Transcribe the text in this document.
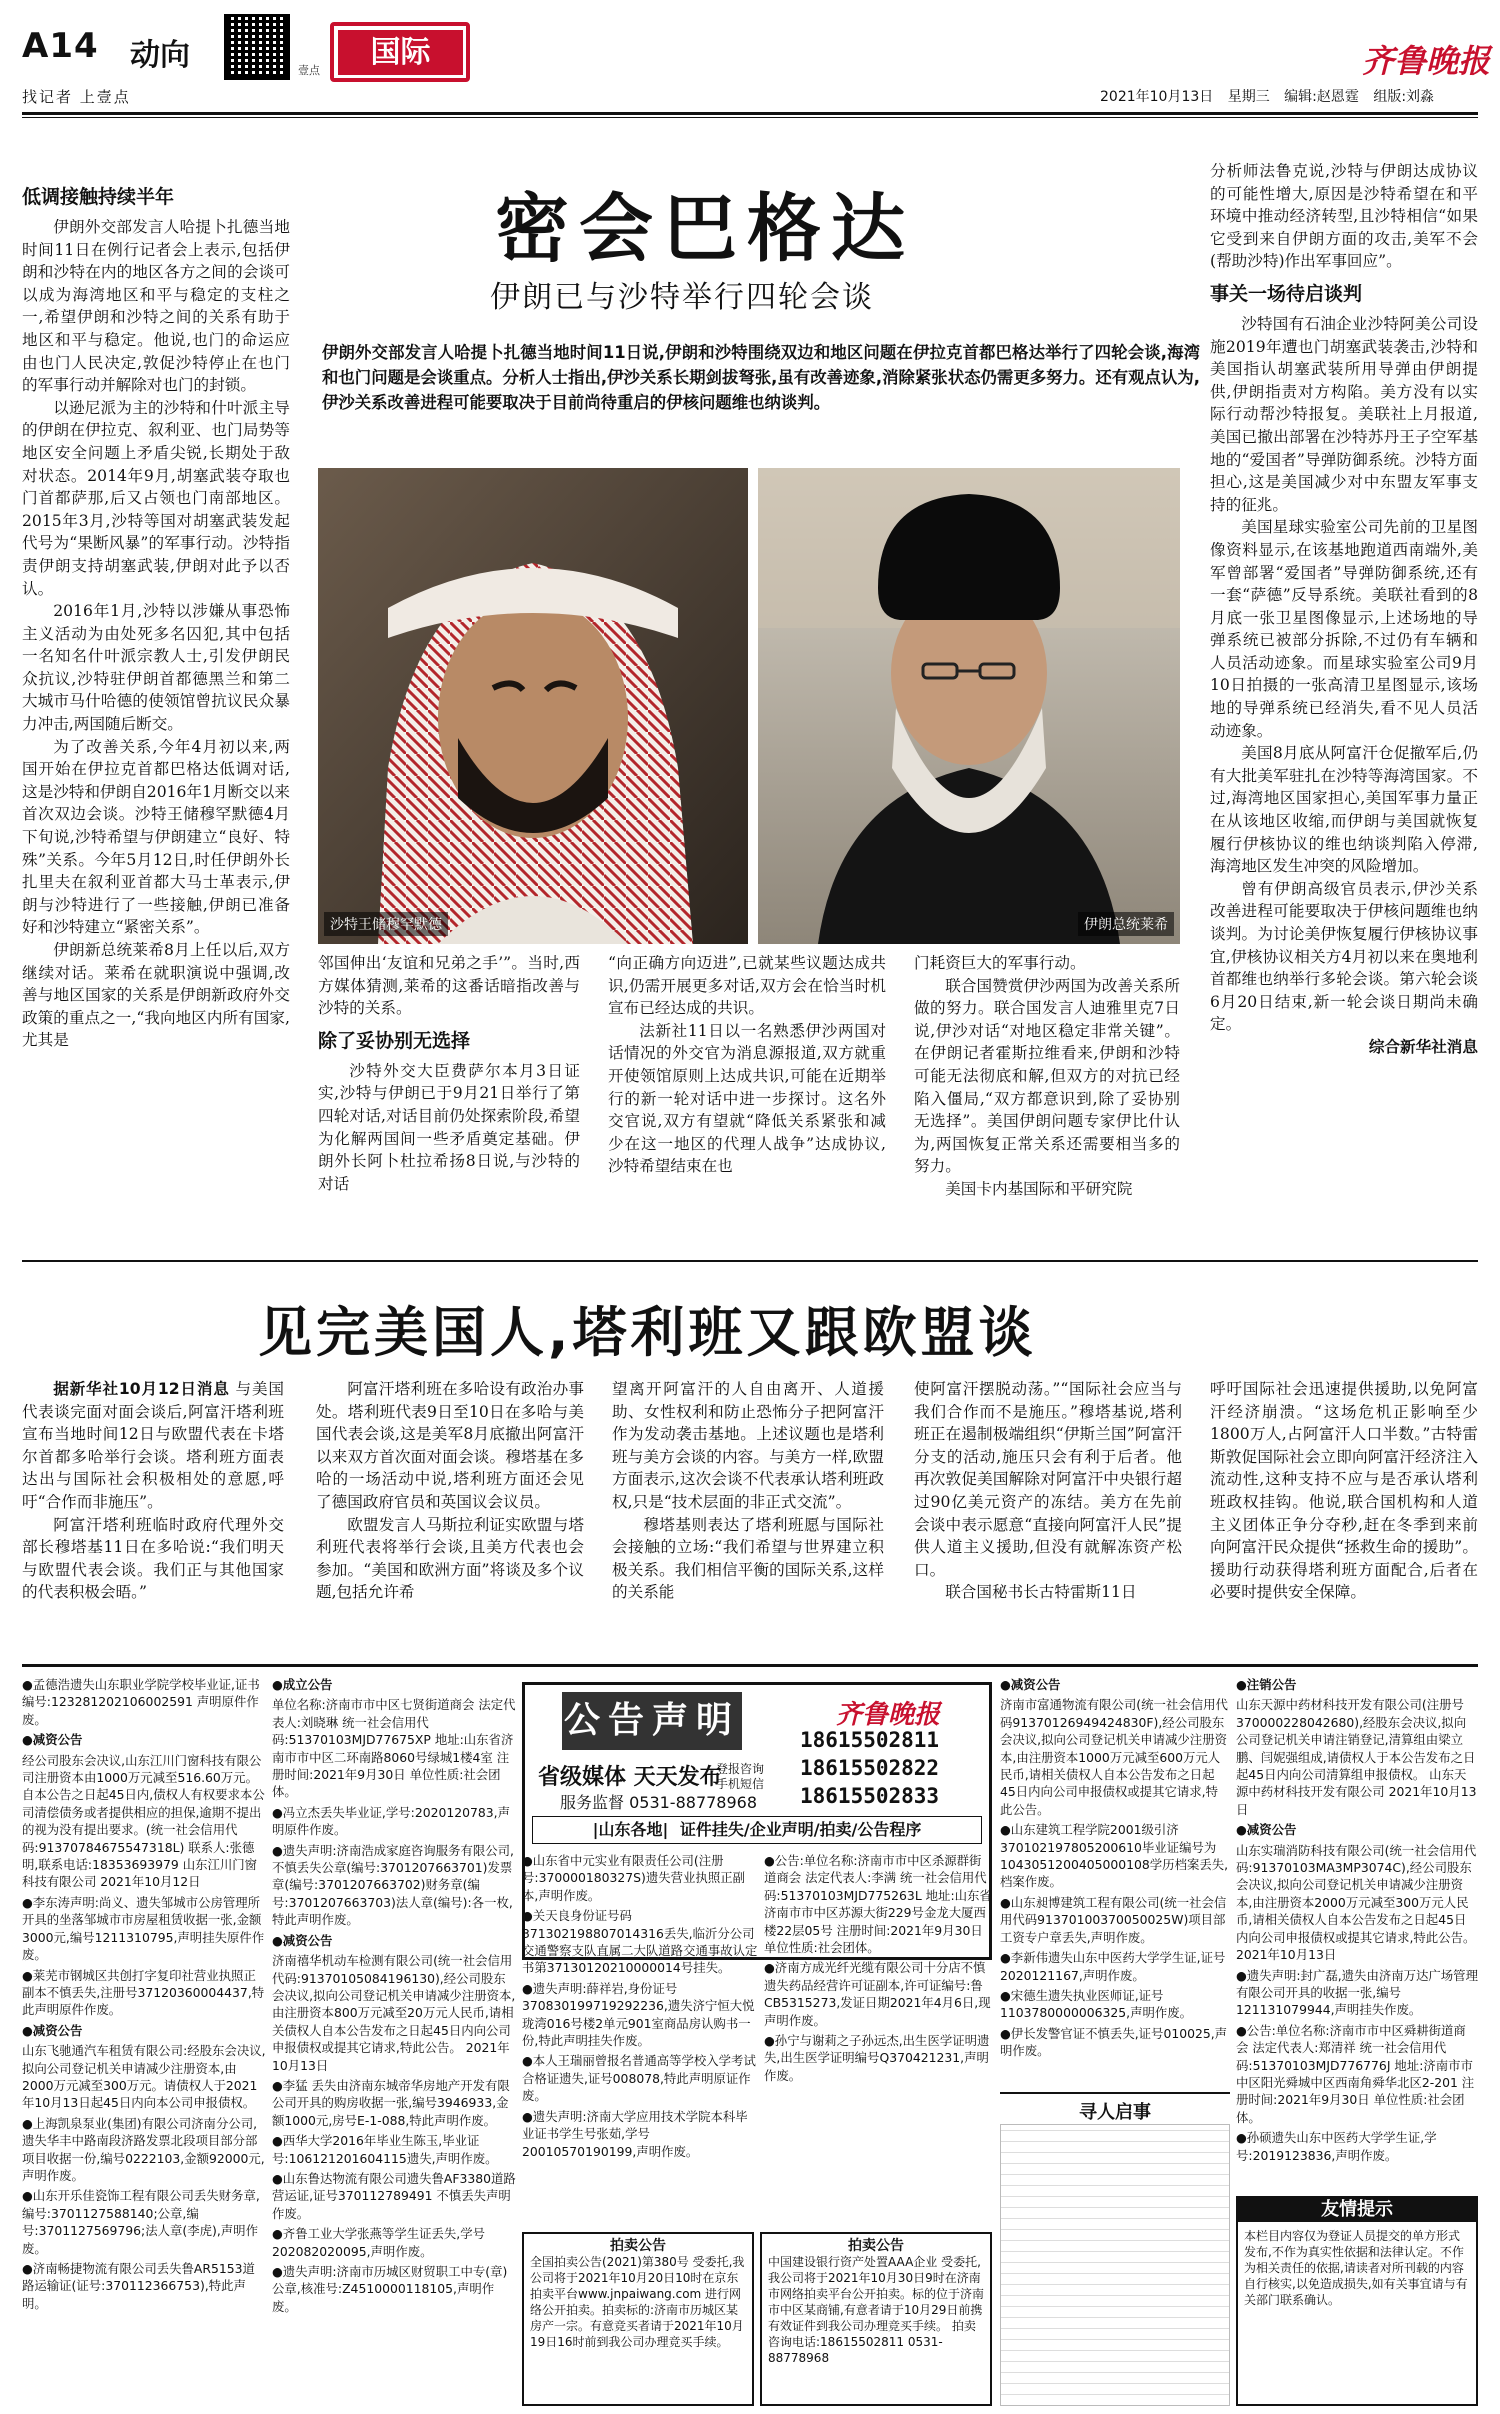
A14 动向
找记者 上壹点
壹点
国际	齐鲁晚报
2021年10月13日 星期三 编辑:赵恩霆 组版:刘淼
密会巴格达
伊朗已与沙特举行四轮会谈
伊朗外交部发言人哈提卜扎德当地时间11日说,伊朗和沙特围绕双边和地区问题在伊拉克首都巴格达举行了四轮会谈,海湾和也门问题是会谈重点。分析人士指出,伊沙关系长期剑拔弩张,虽有改善迹象,消除紧张状态仍需更多努力。还有观点认为,伊沙关系改善进程可能要取决于目前尚待重启的伊核问题维也纳谈判。
低调接触持续半年

伊朗外交部发言人哈提卜扎德当地时间11日在例行记者会上表示,包括伊朗和沙特在内的地区各方之间的会谈可以成为海湾地区和平与稳定的支柱之一,希望伊朗和沙特之间的关系有助于地区和平与稳定。他说,也门的命运应由也门人民决定,敦促沙特停止在也门的军事行动并解除对也门的封锁。

以逊尼派为主的沙特和什叶派主导的伊朗在伊拉克、叙利亚、也门局势等地区安全问题上矛盾尖锐,长期处于敌对状态。2014年9月,胡塞武装夺取也门首都萨那,后又占领也门南部地区。2015年3月,沙特等国对胡塞武装发起代号为“果断风暴”的军事行动。沙特指责伊朗支持胡塞武装,伊朗对此予以否认。

2016年1月,沙特以涉嫌从事恐怖主义活动为由处死多名囚犯,其中包括一名知名什叶派宗教人士,引发伊朗民众抗议,沙特驻伊朗首都德黑兰和第二大城市马什哈德的使领馆曾抗议民众暴力冲击,两国随后断交。

为了改善关系,今年4月初以来,两国开始在伊拉克首都巴格达低调对话,这是沙特和伊朗自2016年1月断交以来首次双边会谈。沙特王储穆罕默德4月下旬说,沙特希望与伊朗建立“良好、特殊”关系。今年5月12日,时任伊朗外长扎里夫在叙利亚首都大马士革表示,伊朗与沙特进行了一些接触,伊朗已准备好和沙特建立“紧密关系”。

伊朗新总统莱希8月上任以后,双方继续对话。莱希在就职演说中强调,改善与地区国家的关系是伊朗新政府外交政策的重点之一,“我向地区内所有国家,尤其是

沙特王储穆罕默德	伊朗总统莱希

邻国伸出‘友谊和兄弟之手’”。当时,西方媒体猜测,莱希的这番话暗指改善与沙特的关系。

除了妥协别无选择

沙特外交大臣费萨尔本月3日证实,沙特与伊朗已于9月21日举行了第四轮对话,对话目前仍处探索阶段,希望为化解两国间一些矛盾奠定基础。伊朗外长阿卜杜拉希扬8日说,与沙特的对话

“向正确方向迈进”,已就某些议题达成共识,仍需开展更多对话,双方会在恰当时机宣布已经达成的共识。

法新社11日以一名熟悉伊沙两国对话情况的外交官为消息源报道,双方就重开使领馆原则上达成共识,可能在近期举行的新一轮对话中进一步探讨。这名外交官说,双方有望就“降低关系紧张和减少在这一地区的代理人战争”达成协议,沙特希望结束在也

门耗资巨大的军事行动。

联合国赞赏伊沙两国为改善关系所做的努力。联合国发言人迪雅里克7日说,伊沙对话“对地区稳定非常关键”。在伊朗记者霍斯拉维看来,伊朗和沙特可能无法彻底和解,但双方的对抗已经陷入僵局,“双方都意识到,除了妥协别无选择”。美国伊朗问题专家伊比什认为,两国恢复正常关系还需要相当多的努力。

美国卡内基国际和平研究院

分析师法鲁克说,沙特与伊朗达成协议的可能性增大,原因是沙特希望在和平环境中推动经济转型,且沙特相信“如果它受到来自伊朗方面的攻击,美军不会(帮助沙特)作出军事回应”。

事关一场待启谈判

沙特国有石油企业沙特阿美公司设施2019年遭也门胡塞武装袭击,沙特和美国指认胡塞武装所用导弹由伊朗提供,伊朗指责对方构陷。美方没有以实际行动帮沙特报复。美联社上月报道,美国已撤出部署在沙特苏丹王子空军基地的“爱国者”导弹防御系统。沙特方面担心,这是美国减少对中东盟友军事支持的征兆。

美国星球实验室公司先前的卫星图像资料显示,在该基地跑道西南端外,美军曾部署“爱国者”导弹防御系统,还有一套“萨德”反导系统。美联社看到的8月底一张卫星图像显示,上述场地的导弹系统已被部分拆除,不过仍有车辆和人员活动迹象。而星球实验室公司9月10日拍摄的一张高清卫星图显示,该场地的导弹系统已经消失,看不见人员活动迹象。

美国8月底从阿富汗仓促撤军后,仍有大批美军驻扎在沙特等海湾国家。不过,海湾地区国家担心,美国军事力量正在从该地区收缩,而伊朗与美国就恢复履行伊核协议的维也纳谈判陷入停滞,海湾地区发生冲突的风险增加。

曾有伊朗高级官员表示,伊沙关系改善进程可能要取决于伊核问题维也纳谈判。为讨论美伊恢复履行伊核协议事宜,伊核协议相关方4月初以来在奥地利首都维也纳举行多轮会谈。第六轮会谈6月20日结束,新一轮会谈日期尚未确定。

综合新华社消息

见完美国人,塔利班又跟欧盟谈

据新华社10月12日消息 与美国代表谈完面对面会谈后,阿富汗塔利班宣布当地时间12日与欧盟代表在卡塔尔首都多哈举行会谈。塔利班方面表达出与国际社会积极相处的意愿,呼吁“合作而非施压”。

阿富汗塔利班临时政府代理外交部长穆塔基11日在多哈说:“我们明天与欧盟代表会谈。我们正与其他国家的代表积极会晤。”

阿富汗塔利班在多哈设有政治办事处。塔利班代表9日至10日在多哈与美国代表会谈,这是美军8月底撤出阿富汗以来双方首次面对面会谈。穆塔基在多哈的一场活动中说,塔利班方面还会见了德国政府官员和英国议会议员。

欧盟发言人马斯拉利证实欧盟与塔利班代表将举行会谈,且美方代表也会参加。“美国和欧洲方面”将谈及多个议题,包括允许希

望离开阿富汗的人自由离开、人道援助、女性权利和防止恐怖分子把阿富汗作为发动袭击基地。上述议题也是塔利班与美方会谈的内容。与美方一样,欧盟方面表示,这次会谈不代表承认塔利班政权,只是“技术层面的非正式交流”。

穆塔基则表达了塔利班愿与国际社会接触的立场:“我们希望与世界建立积极关系。我们相信平衡的国际关系,这样的关系能

使阿富汗摆脱动荡。”“国际社会应当与我们合作而不是施压。”穆塔基说,塔利班正在遏制极端组织“伊斯兰国”阿富汗分支的活动,施压只会有利于后者。他再次敦促美国解除对阿富汗中央银行超过90亿美元资产的冻结。美方在先前会谈中表示愿意“直接向阿富汗人民”提供人道主义援助,但没有就解冻资产松口。

联合国秘书长古特雷斯11日

呼吁国际社会迅速提供援助,以免阿富汗经济崩溃。“这场危机正影响至少1800万人,占阿富汗人口半数。”古特雷斯敦促国际社会立即向阿富汗经济注入流动性,这种支持不应与是否承认塔利班政权挂钩。他说,联合国机构和人道主义团体正争分夺秒,赶在冬季到来前向阿富汗民众提供“拯救生命的援助”。援助行动获得塔利班方面配合,后者在必要时提供安全保障。

●孟德浩遗失山东职业学院学校毕业证,证书编号:123281202106002591 声明原件作废。
●减资公告
经公司股东会决议,山东江川门窗科技有限公司注册资本由1000万元减至516.60万元。自本公告之日起45日内,债权人有权要求本公司清偿债务或者提供相应的担保,逾期不提出的视为没有提出要求。(统一社会信用代码:91370784675547318L) 联系人:张德明,联系电话:18353693979 山东江川门窗科技有限公司 2021年10月12日
●李东涛声明:尚义、遗失邹城市公房管理所开具的坐落邹城市市房屋租赁收据一张,金额3000元,编号1211310795,声明挂失原件作废。
●莱芜市钢城区共创打字复印社营业执照正副本不慎丢失,注册号37120360004437,特此声明原件作废。
●减资公告
山东飞驰通汽车租赁有限公司:经股东会决议,拟向公司登记机关申请减少注册资本,由2000万元减至300万元。请债权人于2021年10月13日起45日内向本公司申报债权。
●上海凯泉泵业(集团)有限公司济南分公司,遗失华丰中路南段济路发票北段项目部分部项目收据一份,编号0222103,金额92000元,声明作废。
●山东开乐佳瓷饰工程有限公司丢失财务章,编号:3701127588140;公章,编号:3701127569796;法人章(李虎),声明作废。
●济南畅捷物流有限公司丢失鲁AR5153道路运输证(证号:370112366753),特此声明。
●成立公告
单位名称:济南市市中区七贤街道商会 法定代表人:刘晓琳 统一社会信用代码:51370103MJD77675XP 地址:山东省济南市市中区二环南路8060号绿城1楼4室 注册时间:2021年9月30日 单位性质:社会团体。
●冯立杰丢失毕业证,学号:2020120783,声明原件作废。
●遗失声明:济南浩成家庭咨询服务有限公司,不慎丢失公章(编号:3701207663701)发票章(编号:3701207663702)财务章(编号:3701207663703)法人章(编号):各一枚,特此声明作废。
●减资公告
济南禧华机动车检测有限公司(统一社会信用代码:91370105084196130),经公司股东会决议,拟向公司登记机关申请减少注册资本,由注册资本800万元减至20万元人民币,请相关债权人自本公告发布之日起45日内向公司申报债权或提其它请求,特此公告。 2021年10月13日
●李猛 丢失由济南东城帝华房地产开发有限公司开具的购房收据一张,编号3946933,金额1000元,房号E-1-088,特此声明作废。
●西华大学2016年毕业生陈玉,毕业证号:106121201604115遗失,声明作废。
●山东鲁达物流有限公司遗失鲁AF3380道路营运证,证号370112789491 不慎丢失声明作废。
●齐鲁工业大学张燕等学生证丢失,学号202082020095,声明作废。
●遗失声明:济南市历城区财贸职工中专(章)公章,核准号:Z4510000118105,声明作废。
公告声明	齐鲁晚报
18615502811
18615502822
18615502833
省级媒体 天天发布
登报咨询 手机短信
服务监督 0531-88778968
|山东各地| 证件挂失/企业声明/拍卖/公告程序
●山东省中元实业有限责任公司(注册号:370000180327S)遗失营业执照正副本,声明作废。
●关天良身份证号码371302198807014316丢失,临沂分公司交通警察支队直属二大队道路交通事故认定书第37130120210000014号挂失。
●遗失声明:薛祥岩,身份证号370830199719292236,遗失济宁恒大悦珑湾016号楼2单元901室商品房认购书一份,特此声明挂失作废。
●本人王瑞丽曾报名普通高等学校入学考试合格证遗失,证号008078,特此声明原证作废。
●遗失声明:济南大学应用技术学院本科毕业证书学生号张茹,学号20010570190199,声明作废。
●公告:单位名称:济南市市中区杀源群街道商会 法定代表人:李满 统一社会信用代码:51370103MJD775263L 地址:山东省济南市市中区苏源大街229号金龙大厦西楼22层05号 注册时间:2021年9月30日 单位性质:社会团体。
●济南方成光纤光缆有限公司十分店不慎遗失药品经营许可证副本,许可证编号:鲁CB5315273,发证日期2021年4月6日,现声明作废。
●孙宁与谢莉之子孙远杰,出生医学证明遗失,出生医学证明编号Q370421231,声明作废。
拍卖公告
全国拍卖公告(2021)第380号 受委托,我公司将于2021年10月20日10时在京东拍卖平台www.jnpaiwang.com 进行网络公开拍卖。拍卖标的:济南市历城区某房产一宗。有意竞买者请于2021年10月19日16时前到我公司办理竞买手续。
拍卖公告
中国建设银行资产处置AAA企业 受委托,我公司将于2021年10月30日9时在济南市网络拍卖平台公开拍卖。标的位于济南市中区某商铺,有意者请于10月29日前携有效证件到我公司办理竞买手续。 拍卖咨询电话:18615502811 0531-88778968
●减资公告
济南市富通物流有限公司(统一社会信用代码91370126949424830F),经公司股东会决议,拟向公司登记机关申请减少注册资本,由注册资本1000万元减至600万元人民币,请相关债权人自本公告发布之日起45日内向公司申报债权或提其它请求,特此公告。
●山东建筑工程学院2001级引济370102197805200610毕业证编号为1043051200405000108学历档案丢失,档案作废。
●山东昶博建筑工程有限公司(统一社会信用代码91370100370050025W)项目部工资专户章丢失,声明作废。
●李新伟遗失山东中医药大学学生证,证号2020121167,声明作废。
●宋德生遗失执业医师证,证号1103780000006325,声明作废。
●伊长发警官证不慎丢失,证号010025,声明作废。
寻人启事
●注销公告
山东天源中药材科技开发有限公司(注册号370000228042680),经股东会决议,拟向公司登记机关申请注销登记,清算组由梁立鹏、闫妮强组成,请债权人于本公告发布之日起45日内向公司清算组申报债权。 山东天源中药材科技开发有限公司 2021年10月13日
●减资公告
山东实瑞消防科技有限公司(统一社会信用代码:91370103MA3MP3074C),经公司股东会决议,拟向公司登记机关申请减少注册资本,由注册资本2000万元减至300万元人民币,请相关债权人自本公告发布之日起45日内向公司申报债权或提其它请求,特此公告。 2021年10月13日
●遗失声明:封广磊,遗失由济南万达广场管理有限公司开具的收据一张,编号121131079944,声明挂失作废。
●公告:单位名称:济南市市中区舜耕街道商会 法定代表人:郑清祥 统一社会信用代码:51370103MJD776776J 地址:济南市市中区阳光舜城中区西南角舜华北区2-201 注册时间:2021年9月30日 单位性质:社会团体。
●孙硕遗失山东中医药大学学生证,学号:2019123836,声明作废。
友情提示
本栏目内容仅为登证人员提交的单方形式发布,不作为真实性依据和法律认定。不作为相关责任的依据,请读者对所刊载的内容自行核实,以免造成损失,如有关事宜请与有关部门联系确认。
